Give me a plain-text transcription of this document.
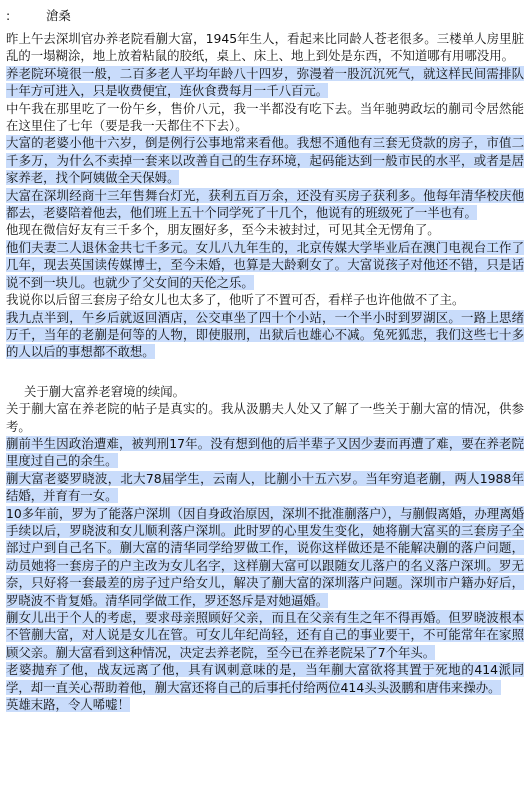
:	滄桑

昨上午去深圳官办养老院看蒯大富，1945年生人，看起来比同龄人苍老很多。三楼单人房里脏乱的一塌糊涂，地上放着粘鼠的胶纸，桌上、床上、地上到处是东西，不知道哪有用哪没用。

养老院环境很一般，二百多老人平均年龄八十四岁，弥漫着一股沉沉死气，就这样民间需排队十年方可进入，只是收费便宜，连伙食费每月一千八百元。

中午我在那里吃了一份午乡，售价八元，我一半都没有吃下去。当年驰骋政坛的蒯司令居然能在这里住了七年（要是我一天都住不下去）。

大富的老婆小他十六岁，倒是例行公事地常来看他。我想不通他有三套无贷款的房子，市值二千多万，为什么不卖掉一套来以改善自己的生存环境，起码能达到一般市民的水平，或者是居家养老，找个阿姨做全天保姆。

大富在深圳经商十三年售舞台灯光，获利五百万余，还没有买房子获利多。他每年清华校庆他都去，老婆陪着他去，他们班上五十个同学死了十几个，他说有的班级死了一半也有。

他现在微信好友有三千多个，朋友圈好多，至今未被封过，可见其全无愣角了。

他们夫妻二人退休金共七千多元。女儿八九年生的，北京传媒大学毕业后在澳门电视台工作了几年，现去英国读传媒博士，至今未婚，也算是大龄剩女了。大富说孩子对他还不错，只是话说不到一块儿。也就少了父女间的天伦之乐。

我说你以后留三套房子给女儿也太多了，他听了不置可否，看样子也许他做不了主。

我九点半到，午乡后就返回酒店，公交車坐了四十个小站，一个半小时到罗湖区。一路上思绪万千，当年的老蒯是何等的人物，即使服刑，出狱后也雄心不减。兔死狐悲，我们这些七十多的人以后的事想都不敢想。

关于蒯大富养老窘境的续闻。

关于蒯大富在养老院的帖子是真实的。我从汲鹏夫人处又了解了一些关于蒯大富的情况，供参考。

蒯前半生因政治遭难，被判刑17年。没有想到他的后半辈子又因少妻而再遭了难，要在养老院里度过自己的余生。

蒯大富老婆罗晓波，北大78届学生，云南人，比蒯小十五六岁。当年穷追老蒯，两人1988年结婚，并育有一女。

10多年前，罗为了能落户深圳（因自身政治原因，深圳不批准蒯落户），与蒯假离婚，办理离婚手续以后，罗晓波和女儿顺利落户深圳。此时罗的心里发生变化，她将蒯大富买的三套房子全部过户到自己名下。蒯大富的清华同学给罗做工作，说你这样做还是不能解决蒯的落户问题，动员她将一套房子的户主改为女儿名字，这样蒯大富可以跟随女儿落户的名义落户深圳。罗无奈，只好将一套最差的房子过户给女儿，解决了蒯大富的深圳落户问题。深圳市户籍办好后，罗晓波不肯复婚。清华同学做工作，罗还怒斥是对她逼婚。

蒯女儿出于个人的考虑，要求母亲照顾好父亲，而且在父亲有生之年不得再婚。但罗晓波根本不管蒯大富，对人说是女儿在管。可女儿年纪尚轻，还有自己的事业要干，不可能常年在家照顾父亲。蒯大富看到这种情况，决定去养老院，至今已在养老院呆了7个年头。

老婆抛弃了他，战友远离了他，具有讽刺意味的是，当年蒯大富欲将其置于死地的414派同学，却一直关心帮助着他，蒯大富还将自己的后事托付给两位414头头汲鹏和唐伟来操办。

英雄末路，令人唏嘘！
